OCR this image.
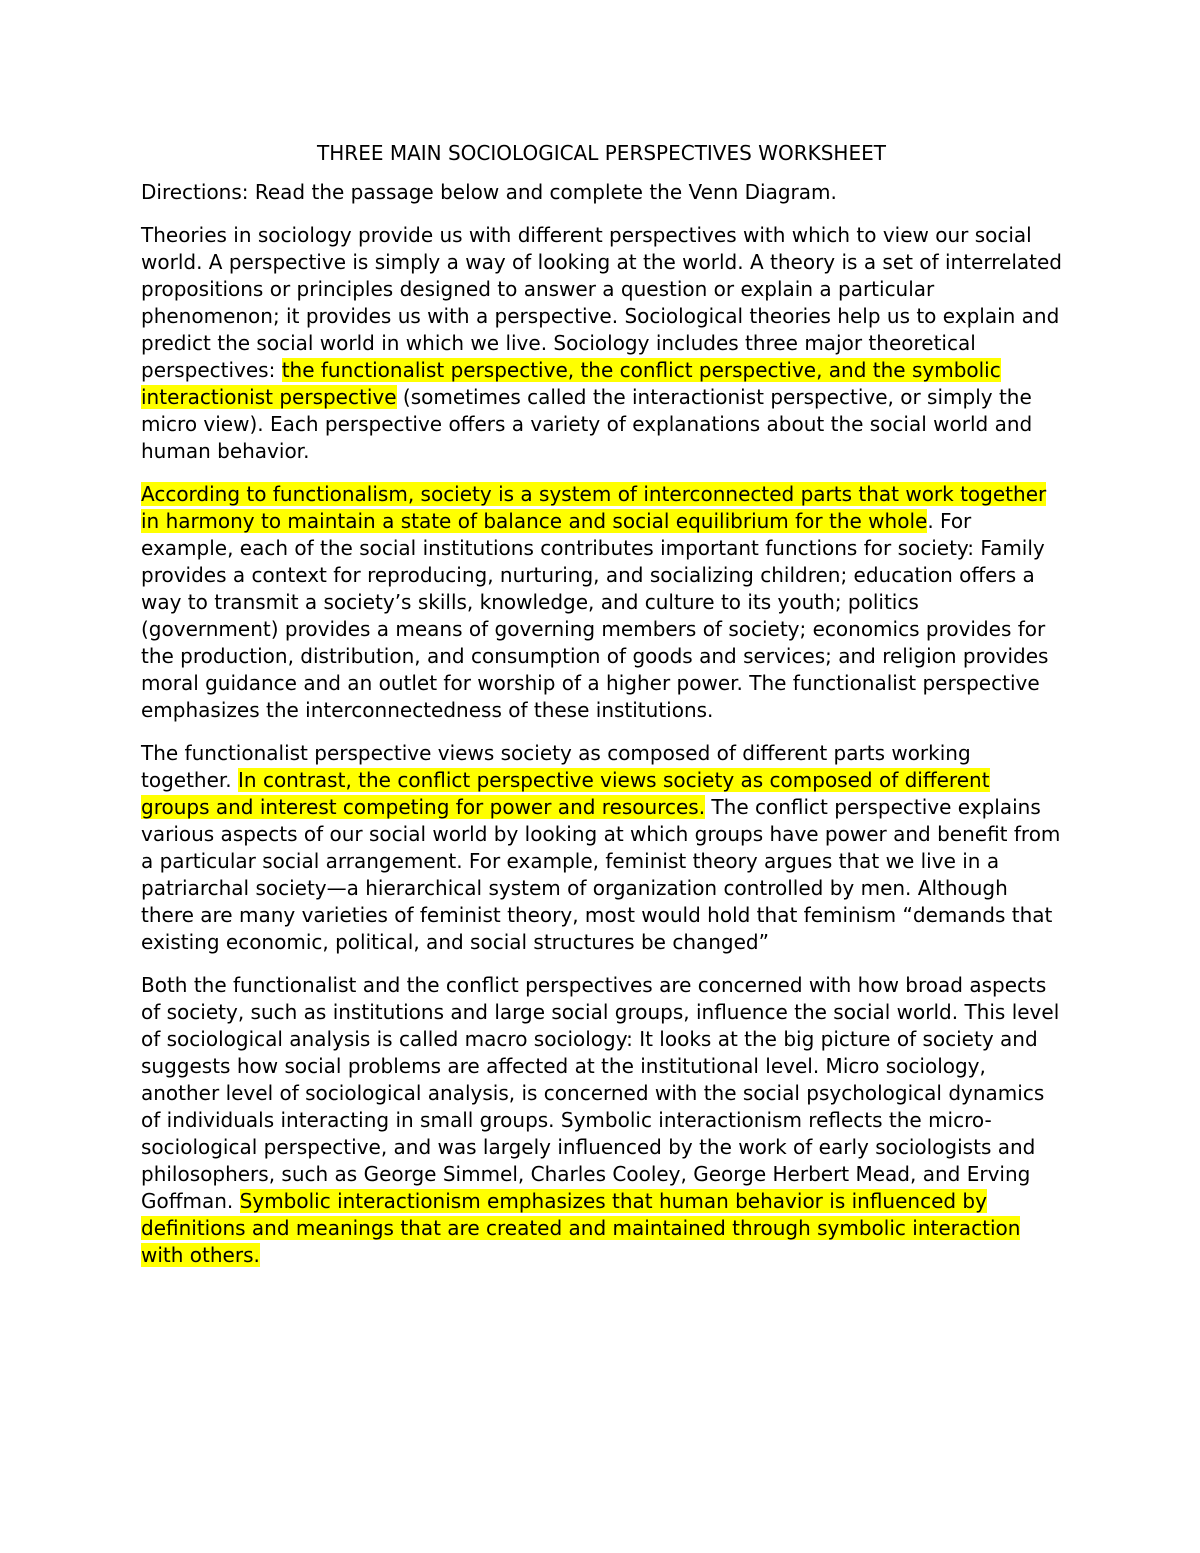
THREE MAIN SOCIOLOGICAL PERSPECTIVES WORKSHEET

Directions: Read the passage below and complete the Venn Diagram.

Theories in sociology provide us with different perspectives with which to view our social world. A perspective is simply a way of looking at the world. A theory is a set of interrelated propositions or principles designed to answer a question or explain a particular phenomenon; it provides us with a perspective. Sociological theories help us to explain and predict the social world in which we live. Sociology includes three major theoretical perspectives: the functionalist perspective, the conflict perspective, and the symbolic interactionist perspective (sometimes called the interactionist perspective, or simply the micro view). Each perspective offers a variety of explanations about the social world and human behavior.

According to functionalism, society is a system of interconnected parts that work together in harmony to maintain a state of balance and social equilibrium for the whole. For example, each of the social institutions contributes important functions for society: Family provides a context for reproducing, nurturing, and socializing children; education offers a way to transmit a society’s skills, knowledge, and culture to its youth; politics (government) provides a means of governing members of society; economics provides for the production, distribution, and consumption of goods and services; and religion provides moral guidance and an outlet for worship of a higher power. The functionalist perspective emphasizes the interconnectedness of these institutions.

The functionalist perspective views society as composed of different parts working together. In contrast, the conflict perspective views society as composed of different groups and interest competing for power and resources. The conflict perspective explains various aspects of our social world by looking at which groups have power and benefit from a particular social arrangement. For example, feminist theory argues that we live in a patriarchal society—a hierarchical system of organization controlled by men. Although there are many varieties of feminist theory, most would hold that feminism “demands that existing economic, political, and social structures be changed”

Both the functionalist and the conflict perspectives are concerned with how broad aspects of society, such as institutions and large social groups, influence the social world. This level of sociological analysis is called macro sociology: It looks at the big picture of society and suggests how social problems are affected at the institutional level. Micro sociology, another level of sociological analysis, is concerned with the social psychological dynamics of individuals interacting in small groups. Symbolic interactionism reflects the micro-sociological perspective, and was largely influenced by the work of early sociologists and philosophers, such as George Simmel, Charles Cooley, George Herbert Mead, and Erving Goffman. Symbolic interactionism emphasizes that human behavior is influenced by definitions and meanings that are created and maintained through symbolic interaction with others.
